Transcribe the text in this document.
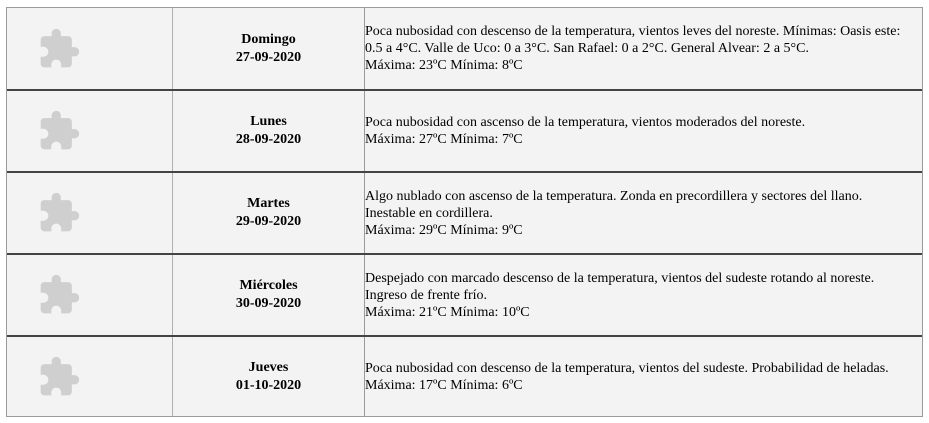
Domingo
27-09-2020
Poca nubosidad con descenso de la temperatura, vientos leves del noreste. Mínimas: Oasis este: 0.5 a 4°C. Valle de Uco: 0 a 3°C. San Rafael: 0 a 2°C. General Alvear: 2 a 5°C.
Máxima: 23ºC Mínima: 8ºC
Lunes
28-09-2020
Poca nubosidad con ascenso de la temperatura, vientos moderados del noreste.
Máxima: 27ºC Mínima: 7ºC
Martes
29-09-2020
Algo nublado con ascenso de la temperatura. Zonda en precordillera y sectores del llano. Inestable en cordillera.
Máxima: 29ºC Mínima: 9ºC
Miércoles
30-09-2020
Despejado con marcado descenso de la temperatura, vientos del sudeste rotando al noreste. Ingreso de frente frío.
Máxima: 21ºC Mínima: 10ºC
Jueves
01-10-2020
Poca nubosidad con descenso de la temperatura, vientos del sudeste. Probabilidad de heladas.
Máxima: 17ºC Mínima: 6ºC
